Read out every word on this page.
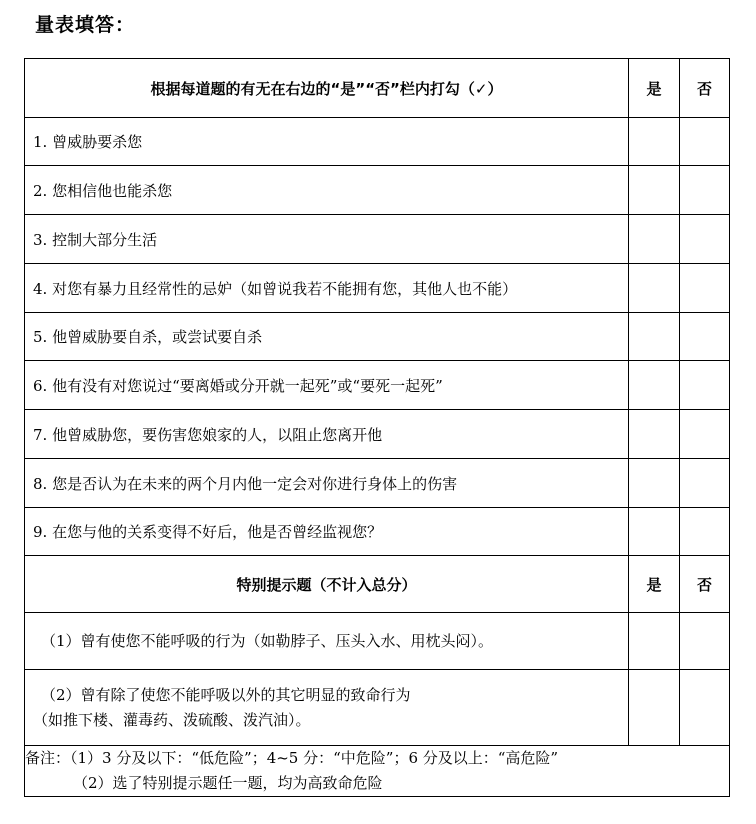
量表填答：
根据每道题的有无在右边的“是”“否”栏内打勾（✓）	是	否
1. 曾威胁要杀您		
2. 您相信他也能杀您		
3. 控制大部分生活		
4. 对您有暴力且经常性的忌妒（如曾说我若不能拥有您，其他人也不能）		
5. 他曾威胁要自杀，或尝试要自杀		
6. 他有没有对您说过“要离婚或分开就一起死”或“要死一起死”		
7. 他曾威胁您，要伤害您娘家的人，以阻止您离开他		
8. 您是否认为在未来的两个月内他一定会对你进行身体上的伤害		
9. 在您与他的关系变得不好后，他是否曾经监视您？		
特别提示题（不计入总分）	是	否

（1）曾有使您不能呼吸的行为（如勒脖子、压头入水、用枕头闷）。		

（2）曾有除了使您不能呼吸以外的其它明显的致命行为
（如推下楼、灌毒药、泼硫酸、泼汽油）。		

备注：（1）3 分及以下：“低危险”；4~5 分：“中危险”；6 分及以上：“高危险”
（2）选了特别提示题任一题，均为高致命危险		
